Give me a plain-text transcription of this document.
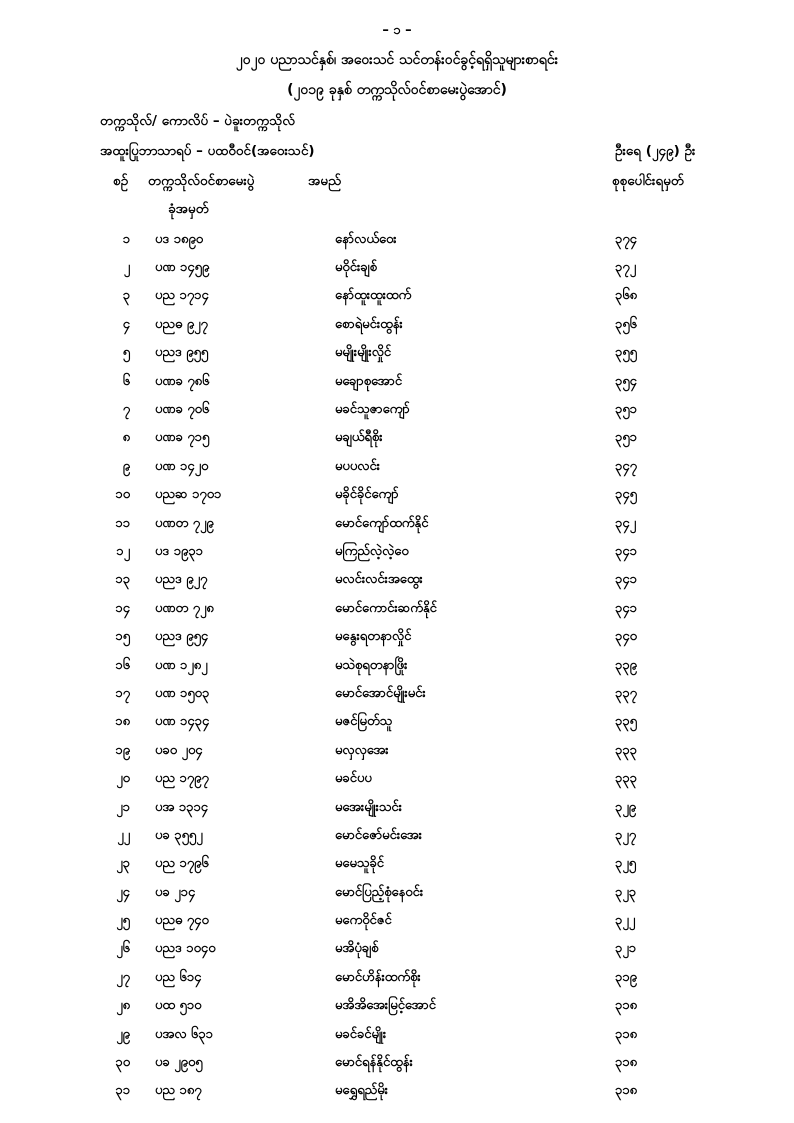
– ၁ –
၂၀၂၀ ပညာသင်နှစ်၊ အဝေးသင် သင်တန်းဝင်ခွင့်ရရှိသူများစာရင်း
(၂၀၁၉ ခုနှစ် တက္ကသိုလ်ဝင်စာမေးပွဲအောင်)
တက္ကသိုလ်/ ကောလိပ် – ပဲခူးတက္ကသိုလ်
အထူးပြုဘာသာရပ် – ပထဝီဝင်(အဝေးသင်)	ဦးရေ (၂၄၉) ဦး
စဉ် တက္ကသိုလ်ဝင်စာမေးပွဲ	အမည်	စုစုပေါင်းရမှတ်
ခုံအမှတ်
၁ ပဒ ၁၈၉၀	နော်လယ်ဝေး	၃၇၄
၂ ပဏ ၁၄၅၉	မဝိုင်းချစ်	၃၇၂
၃ ပည ၁၇၁၄	နော်ထူးထူးထက်	၃၆၈
၄ ပညဓ ၉၂၇	စောရဲမင်းထွန်း	၃၅၆
၅ ပညဒ ၉၅၅	မမျိုးမျိုးလှိုင်	၃၅၅
၆ ပဏခ ၇၈၆	မချောစုအောင်	၃၅၄
၇ ပဏခ ၇၀၆	မခင်သူဇာကျော်	၃၅၁
၈ ပဏခ ၇၁၅	မချယ်ရီစိုး	၃၅၁
၉ ပဏ ၁၄၂၀	မပပလင်း	၃၄၇
၁၀ ပညဆ ၁၇၀၁	မခိုင်ခိုင်ကျော်	၃၄၅
၁၁ ပဏတ ၇၂၉	မောင်ကျော်ထက်နိုင်	၃၄၂
၁၂ ပဒ ၁၉၃၁	မကြည်လဲ့လဲ့ဝေ	၃၄၁
၁၃ ပညဒ ၉၂၇	မလင်းလင်းအထွေး	၃၄၁
၁၄ ပဏတ ၇၂၈	မောင်ကောင်းဆက်နိုင်	၃၄၁
၁၅ ပညဒ ၉၅၄	မနွေးရတနာလှိုင်	၃၄၀
၁၆ ပဏ ၁၂၈၂	မသဲစုရတနာဖြိုး	၃၃၉
၁၇ ပဏ ၁၅၀၃	မောင်အောင်မျိုးမင်း	၃၃၇
၁၈ ပဏ ၁၄၃၄	မဇင်မြတ်သူ	၃၃၅
၁၉ ပခဝ ၂၀၄	မလှလှအေး	၃၃၃
၂၀ ပည ၁၇၉၇	မခင်ပပ	၃၃၃
၂၁ ပအ ၁၃၁၄	မအေးမျိုးသင်း	၃၂၉
၂၂ ပခ ၃၅၅၂	မောင်ဇော်မင်းအေး	၃၂၇
၂၃ ပည ၁၇၉၆	မမေသူခိုင်	၃၂၅
၂၄ ပခ ၂၁၄	မောင်ပြည့်စုံနေဝင်း	၃၂၃
၂၅ ပညဓ ၇၄၀	မကေဝိုင်ဇင်	၃၂၂
၂၆ ပညဒ ၁၀၄၀	မအိပုံချစ်	၃၂၁
၂၇ ပည ၆၁၄	မောင်ဟိန်းထက်စိုး	၃၁၉
၂၈ ပထ ၅၁၀	မအိအိအေးမြင့်အောင်	၃၁၈
၂၉ ပအလ ၆၃၁	မခင်ခင်မျိုး	၃၁၈
၃၀ ပခ ၂၉၀၅	မောင်ရန်နိုင်ထွန်း	၃၁၈
၃၁ ပည ၁၈၇	မရွှေရည်မိုး	၃၁၈
